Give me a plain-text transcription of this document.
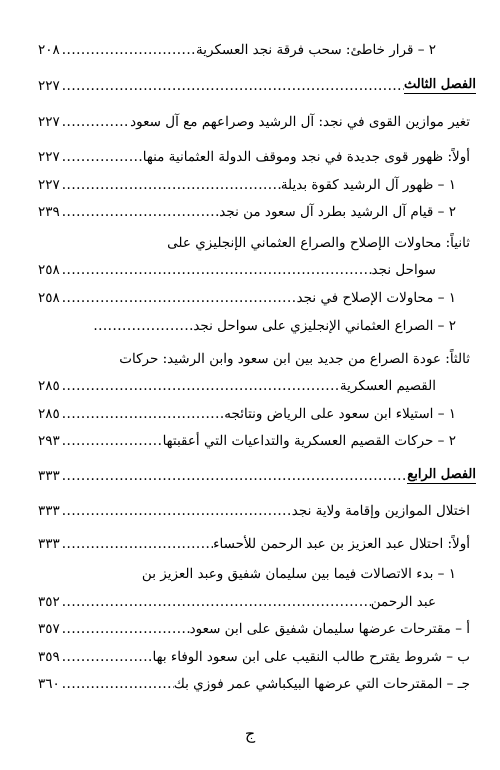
٢ – قرار خاطئ: سحب فرقة نجد العسكرية
.....
٢٠٨
الفصل الثالث
.....
٢٢٧
تغير موازين القوى في نجد: آل الرشيد وصراعهم مع آل سعود
.....
٢٢٧
أولاً: ظهور قوى جديدة في نجد وموقف الدولة العثمانية منها
.....
٢٢٧
١ – ظهور آل الرشيد كقوة بديلة
.....
٢٢٧
٢ – قيام آل الرشيد بطرد آل سعود من نجد
.....
٢٣٩
ثانياً: محاولات الإصلاح والصراع العثماني الإنجليزي على
سواحل نجد
.....
٢٥٨
١ – محاولات الإصلاح في نجد
.....
٢٥٨
٢ – الصراع العثماني الإنجليزي على سواحل نجد
.....
ثالثاً: عودة الصراع من جديد بين ابن سعود وابن الرشيد: حركات
القصيم العسكرية
.....
٢٨٥
١ – استيلاء ابن سعود على الرياض ونتائجه
.....
٢٨٥
٢ – حركات القصيم العسكرية والتداعيات التي أعقبتها
.....
٢٩٣
الفصل الرابع
.....
٣٣٣
اختلال الموازين وإقامة ولاية نجد
.....
٣٣٣
أولاً: احتلال عبد العزيز بن عبد الرحمن للأحساء
.....
٣٣٣
١ – بدء الاتصالات فيما بين سليمان شفيق وعبد العزيز بن
عبد الرحمن
.....
٣٥٢
أ – مقترحات عرضها سليمان شفيق على ابن سعود
.....
٣٥٧
ب – شروط يقترح طالب النقيب على ابن سعود الوفاء بها
.....
٣٥٩
جـ – المقترحات التي عرضها البيكباشي عمر فوزي بك
.....
٣٦٠
ج
